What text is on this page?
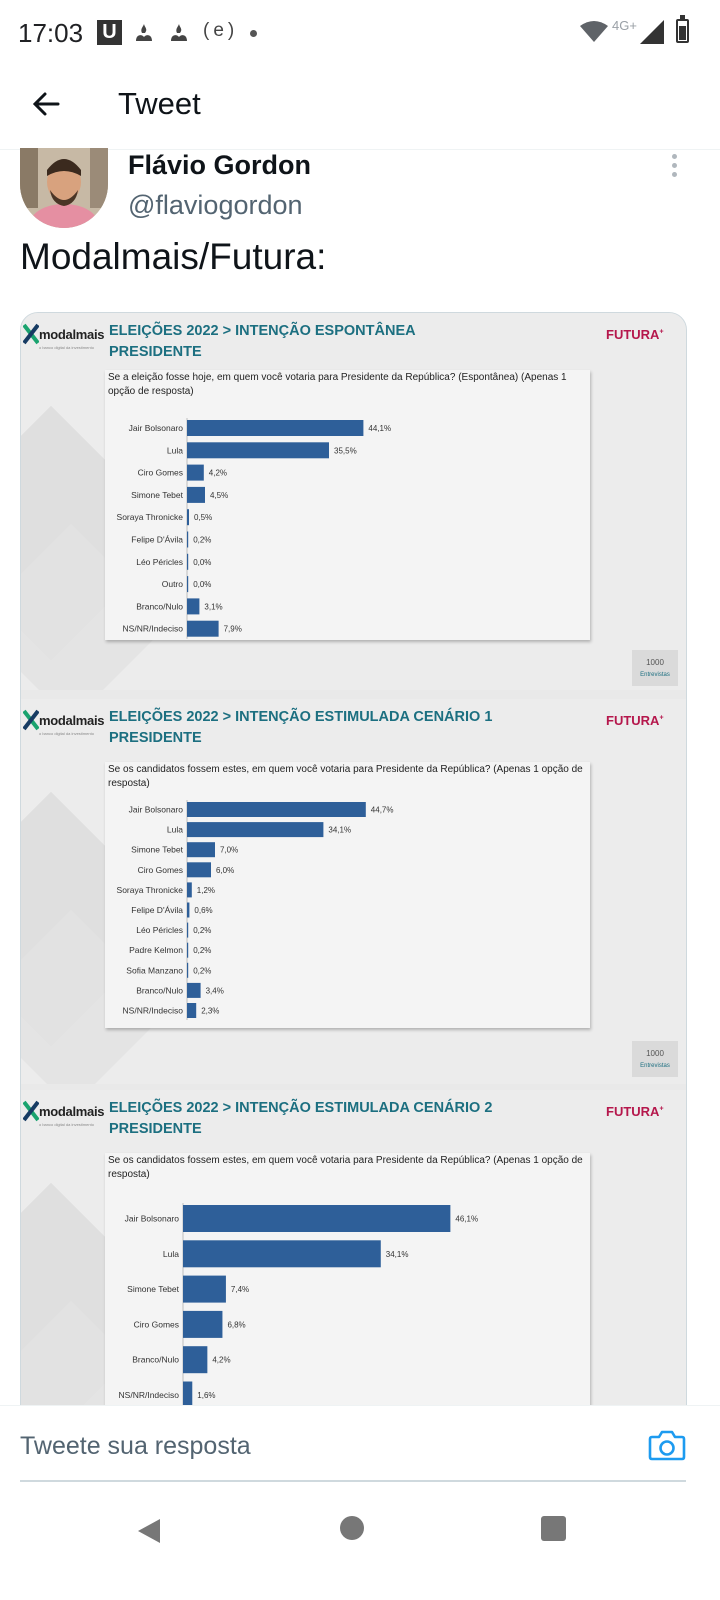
17:03 U	(e)	4G+
Tweet
Flávio Gordon
@flaviogordon
Modalmais/Futura:
modalmais
o banco digital da investimento
ELEIÇÕES 2022 > INTENÇÃO ESPONTÂNEA
PRESIDENTE
FUTURA+
Se a eleição fosse hoje, em quem você votaria para Presidente da República? (Espontânea) (Apenas 1 opção de resposta)
Jair Bolsonaro	44,1%
Lula	35,5%
Ciro Gomes	4,2%
Simone Tebet	4,5%
Soraya Thronicke 0,5%
Felipe D'Ávila 0,2%
Léo Péricles 0,0%
Outro 0,0%
Branco/Nulo	3,1%
NS/NR/Indeciso	7,9%
1000
Entrevistas
modalmais
o banco digital da investimento
ELEIÇÕES 2022 > INTENÇÃO ESTIMULADA CENÁRIO 1
PRESIDENTE
FUTURA+
Se os candidatos fossem estes, em quem você votaria para Presidente da República? (Apenas 1 opção de resposta)
Jair Bolsonaro	44,7%
Lula	34,1%
Simone Tebet	7,0%
Ciro Gomes	6,0%
Soraya Thronicke 1,2%
Felipe D'Ávila 0,6%
Léo Péricles 0,2%
Padre Kelmon 0,2%
Sofia Manzano 0,2%
Branco/Nulo	3,4%
NS/NR/Indeciso 2,3%
1000
Entrevistas
modalmais
o banco digital da investimento
ELEIÇÕES 2022 > INTENÇÃO ESTIMULADA CENÁRIO 2
PRESIDENTE
FUTURA+
Se os candidatos fossem estes, em quem você votaria para Presidente da República? (Apenas 1 opção de resposta)
Jair Bolsonaro	46,1%
Lula	34,1%
Simone Tebet	7,4%
Ciro Gomes	6,8%
Branco/Nulo	4,2%
NS/NR/Indeciso 1,6%
Tweete sua resposta
